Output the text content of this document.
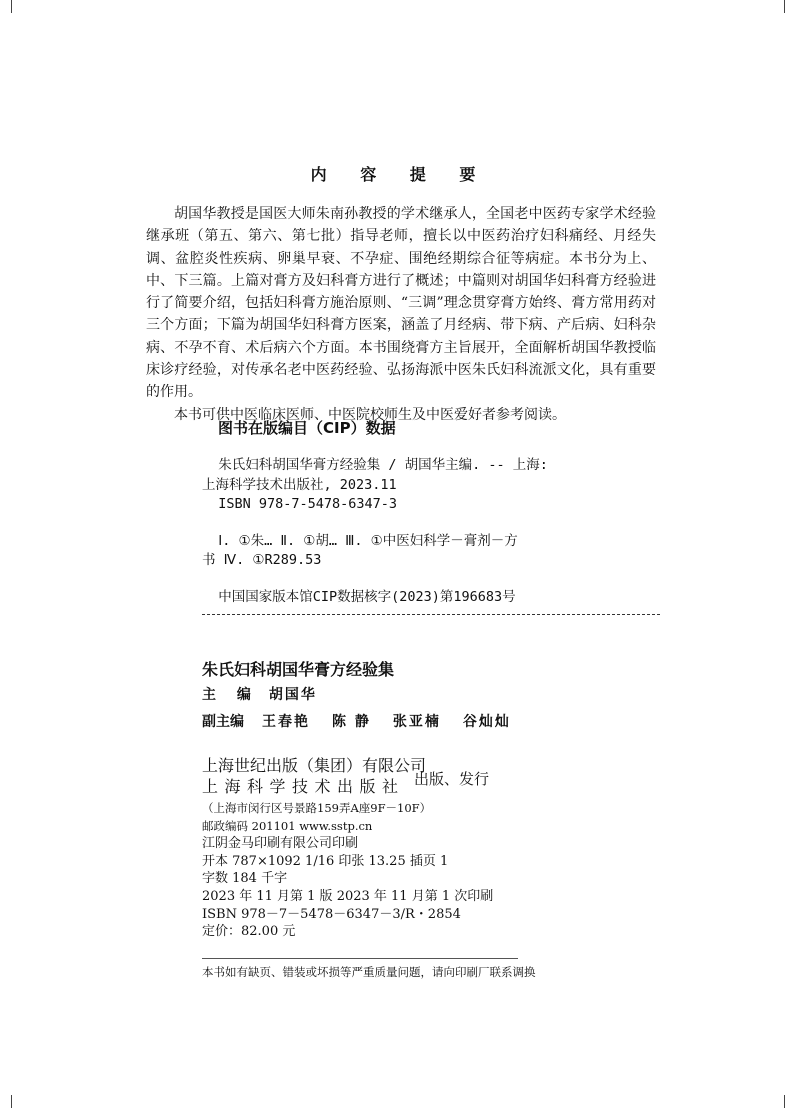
内 容 提 要

胡国华教授是国医大师朱南孙教授的学术继承人，全国老中医药专家学术经验继承班（第五、第六、第七批）指导老师，擅长以中医药治疗妇科痛经、月经失调、盆腔炎性疾病、卵巢早衰、不孕症、围绝经期综合征等病症。本书分为上、中、下三篇。上篇对膏方及妇科膏方进行了概述；中篇则对胡国华妇科膏方经验进行了简要介绍，包括妇科膏方施治原则、“三调”理念贯穿膏方始终、膏方常用药对三个方面；下篇为胡国华妇科膏方医案，涵盖了月经病、带下病、产后病、妇科杂病、不孕不育、术后病六个方面。本书围绕膏方主旨展开，全面解析胡国华教授临床诊疗经验，对传承名老中医药经验、弘扬海派中医朱氏妇科流派文化，具有重要的作用。

本书可供中医临床医师、中医院校师生及中医爱好者参考阅读。

图书在版编目（CIP）数据
朱氏妇科胡国华膏方经验集 / 胡国华主编. -- 上海:
上海科学技术出版社, 2023.11
ISBN 978-7-5478-6347-3
Ⅰ. ①朱… Ⅱ. ①胡… Ⅲ. ①中医妇科学－膏剂－方
书 Ⅳ. ①R289.53
中国国家版本馆CIP数据核字(2023)第196683号
朱氏妇科胡国华膏方经验集
主 编 胡国华
副主编 王春艳 陈 静 张亚楠 谷灿灿
上海世纪出版（集团）有限公司
上海科学技术出版社 出版、发行
（上海市闵行区号景路159弄A座9F－10F）
邮政编码 201101 www.sstp.cn
江阴金马印刷有限公司印刷
开本 787×1092 1/16 印张 13.25 插页 1
字数 184 千字
2023 年 11 月第 1 版 2023 年 11 月第 1 次印刷
ISBN 978－7－5478－6347－3/R・2854
定价：82.00 元
本书如有缺页、错装或坏损等严重质量问题，请向印刷厂联系调换
